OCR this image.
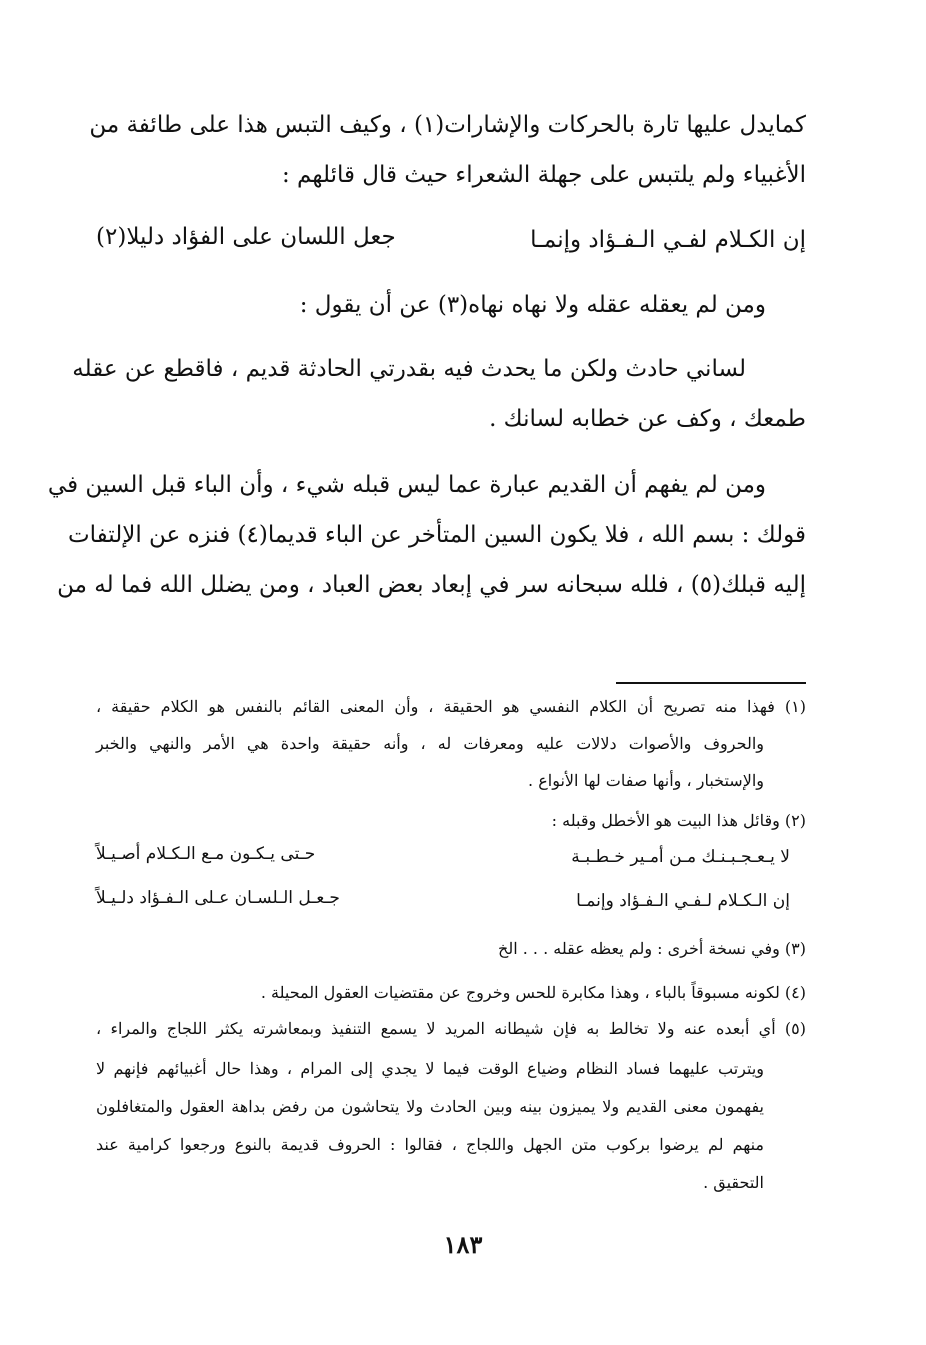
كمايدل عليها تارة بالحركات والإشارات(١) ، وكيف التبس هذا على طائفة من
الأغبياء ولم يلتبس على جهلة الشعراء حيث قال قائلهم :
إن الكـلام لفـي الـفـؤاد وإنمـا
جعل اللسان على الفؤاد دليلا(٢)
ومن لم يعقله عقله ولا نهاه نهاه(٣) عن أن يقول :
لساني حادث ولكن ما يحدث فيه بقدرتي الحادثة قديم ، فاقطع عن عقله
طمعك ، وكف عن خطابه لسانك .
ومن لم يفهم أن القديم عبارة عما ليس قبله شيء ، وأن الباء قبل السين في
قولك : بسم الله ، فلا يكون السين المتأخر عن الباء قديما(٤) فنزه عن الإلتفات
إليه قبلك(٥) ، فلله سبحانه سر في إبعاد بعض العباد ، ومن يضلل الله فما له من
(١) فهذا منه تصريح أن الكلام النفسي هو الحقيقة ، وأن المعنى القائم بالنفس هو الكلام حقيقة ،
والحروف والأصوات دلالات عليه ومعرفات له ، وأنه حقيقة واحدة هي الأمر والنهي والخبر
والإستخبار ، وأنها صفات لها الأنواع .
(٢) وقائل هذا البيت هو الأخطل وقبله :
لا يـعـجـبـنـك مـن أمـير خـطـبـة
حـتى يـكـون مـع الـكـلام أصـيـلاً
إن الـكـلام لـفـي الـفـؤاد وإنمـا
جـعـل الـلسـان عـلى الـفـؤاد دلـيـلاً
(٣) وفي نسخة أخرى : ولم يعظه عقله . . . الخ
(٤) لكونه مسبوقاً بالباء ، وهذا مكابرة للحس وخروج عن مقتضيات العقول المحيلة .
(٥) أي أبعده عنه ولا تخالط به فإن شيطانه المريد لا يسمع التنفيذ وبمعاشرته يكثر اللجاج والمراء ،
ويترتب عليهما فساد النظام وضياع الوقت فيما لا يجدي إلى المرام ، وهذا حال أغبيائهم فإنهم لا
يفهمون معنى القديم ولا يميزون بينه وبين الحادث ولا يتحاشون من رفض بداهة العقول والمتغافلون
منهم لم يرضوا بركوب متن الجهل واللجاج ، فقالوا : الحروف قديمة بالنوع ورجعوا كرامية عند
التحقيق .
١٨٣
